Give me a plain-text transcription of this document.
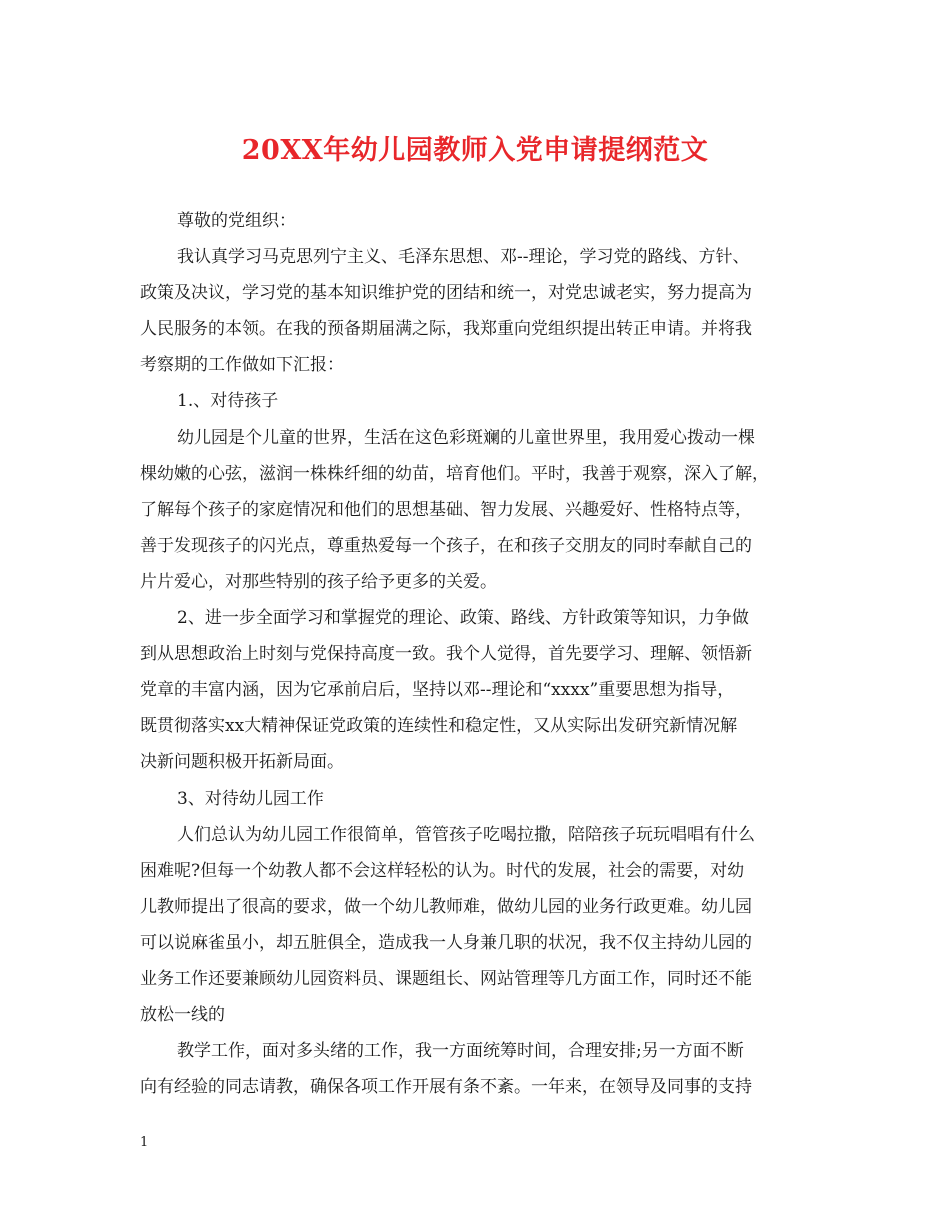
20XX年幼儿园教师入党申请提纲范文

尊敬的党组织：

我认真学习马克思列宁主义、毛泽东思想、邓--理论，学习党的路线、方针、

政策及决议，学习党的基本知识维护党的团结和统一，对党忠诚老实，努力提高为

人民服务的本领。在我的预备期届满之际，我郑重向党组织提出转正申请。并将我

考察期的工作做如下汇报：

1.、对待孩子

幼儿园是个儿童的世界，生活在这色彩斑斓的儿童世界里，我用爱心拨动一棵

棵幼嫩的心弦，滋润一株株纤细的幼苗，培育他们。平时，我善于观察，深入了解，

了解每个孩子的家庭情况和他们的思想基础、智力发展、兴趣爱好、性格特点等，

善于发现孩子的闪光点，尊重热爱每一个孩子，在和孩子交朋友的同时奉献自己的

片片爱心，对那些特别的孩子给予更多的关爱。

2、进一步全面学习和掌握党的理论、政策、路线、方针政策等知识，力争做

到从思想政治上时刻与党保持高度一致。我个人觉得，首先要学习、理解、领悟新

党章的丰富内涵，因为它承前启后，坚持以邓--理论和“xxxx”重要思想为指导，

既贯彻落实xx大精神保证党政策的连续性和稳定性，又从实际出发研究新情况解

决新问题积极开拓新局面。

3、对待幼儿园工作

人们总认为幼儿园工作很简单，管管孩子吃喝拉撒，陪陪孩子玩玩唱唱有什么

困难呢?但每一个幼教人都不会这样轻松的认为。时代的发展，社会的需要，对幼

儿教师提出了很高的要求，做一个幼儿教师难，做幼儿园的业务行政更难。幼儿园

可以说麻雀虽小，却五脏俱全，造成我一人身兼几职的状况，我不仅主持幼儿园的

业务工作还要兼顾幼儿园资料员、课题组长、网站管理等几方面工作，同时还不能

放松一线的

教学工作，面对多头绪的工作，我一方面统筹时间，合理安排;另一方面不断

向有经验的同志请教，确保各项工作开展有条不紊。一年来，在领导及同事的支持

1
